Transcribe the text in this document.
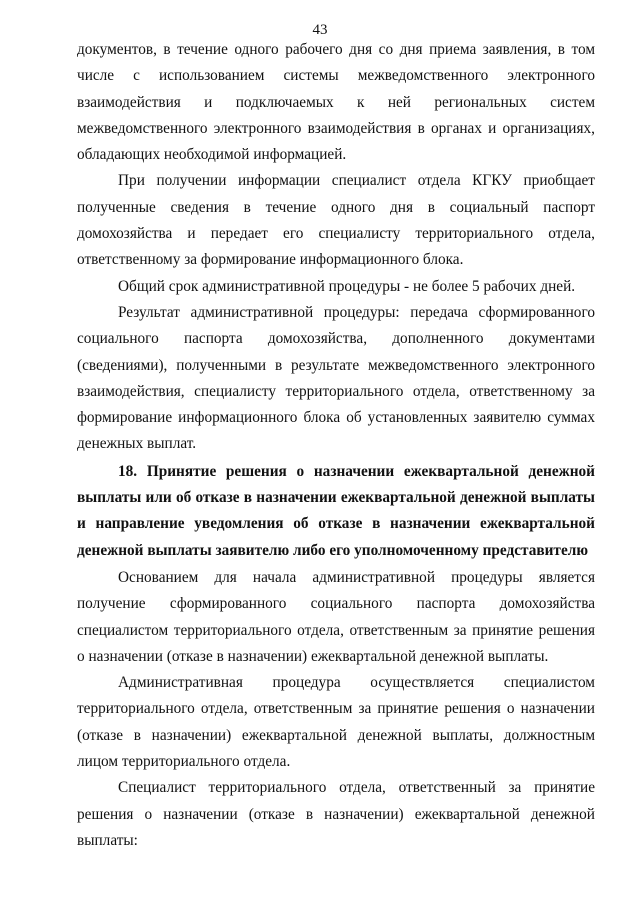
43

документов, в течение одного рабочего дня со дня приема заявления, в том числе с использованием системы межведомственного электронного взаимодействия и подключаемых к ней региональных систем межведомственного электронного взаимодействия в органах и организациях, обладающих необходимой информацией.

При получении информации специалист отдела КГКУ приобщает полученные сведения в течение одного дня в социальный паспорт домохозяйства и передает его специалисту территориального отдела, ответственному за формирование информационного блока.

Общий срок административной процедуры - не более 5 рабочих дней.

Результат административной процедуры: передача сформированного социального паспорта домохозяйства, дополненного документами (сведениями), полученными в результате межведомственного электронного взаимодействия, специалисту территориального отдела, ответственному за формирование информационного блока об установленных заявителю суммах денежных выплат.

18. Принятие решения о назначении ежеквартальной денежной выплаты или об отказе в назначении ежеквартальной денежной выплаты и направление уведомления об отказе в назначении ежеквартальной денежной выплаты заявителю либо его уполномоченному представителю

Основанием для начала административной процедуры является получение сформированного социального паспорта домохозяйства специалистом территориального отдела, ответственным за принятие решения о назначении (отказе в назначении) ежеквартальной денежной выплаты.

Административная процедура осуществляется специалистом территориального отдела, ответственным за принятие решения о назначении (отказе в назначении) ежеквартальной денежной выплаты, должностным лицом территориального отдела.

Специалист территориального отдела, ответственный за принятие решения о назначении (отказе в назначении) ежеквартальной денежной выплаты:
